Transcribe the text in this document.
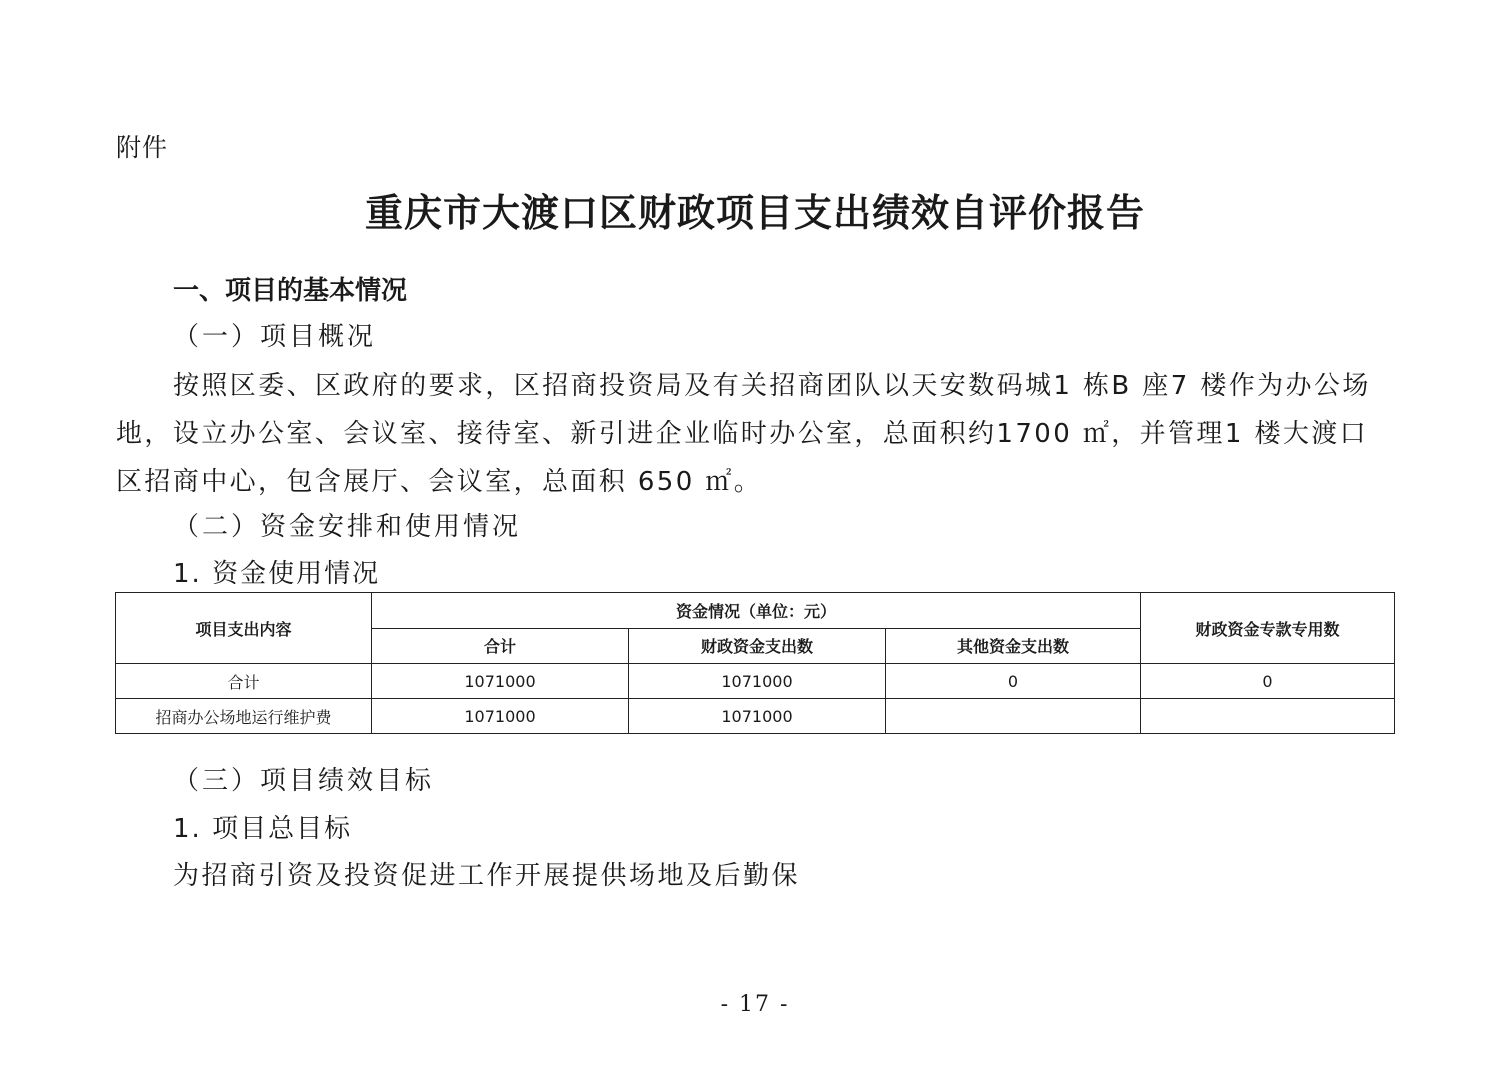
附件
重庆市大渡口区财政项目支出绩效自评价报告
一、项目的基本情况
（一）项目概况
按照区委、区政府的要求，区招商投资局及有关招商团队以天安数码城1 栋B 座7 楼作为办公场地，设立办公室、会议室、接待室、新引进企业临时办公室，总面积约1700 ㎡，并管理1 楼大渡口区招商中心，包含展厅、会议室，总面积 650 ㎡。
（二）资金安排和使用情况
1. 资金使用情况
项目支出内容	资金情况（单位：元）			财政资金专款专用数
	合计	财政资金支出数	其他资金支出数	
合计	1071000	1071000	0	0
招商办公场地运行维护费	1071000	1071000		
（三）项目绩效目标
1. 项目总目标
为招商引资及投资促进工作开展提供场地及后勤保
- 17 -
